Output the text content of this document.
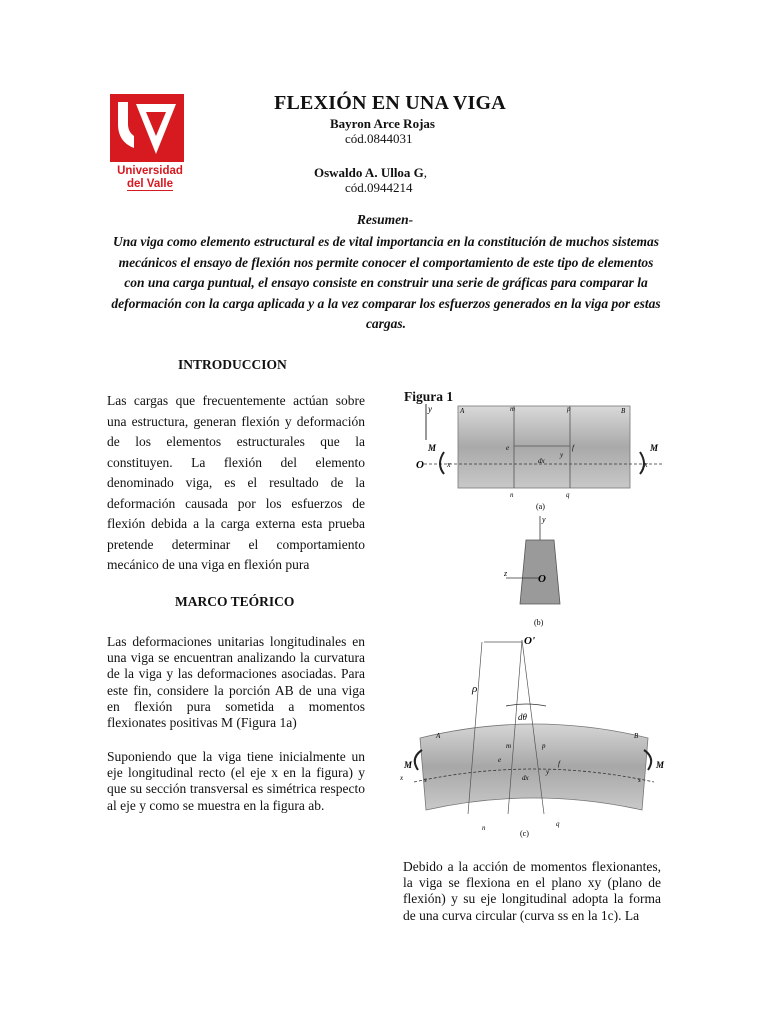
Universidad
del Valle
FLEXIÓN EN UNA VIGA
Bayron Arce Rojas
cód.0844031
Oswaldo A. Ulloa G,
cód.0944214
Resumen-
Una viga como elemento estructural es de vital importancia en la constitución de muchos sistemas mecánicos el ensayo de flexión nos permite conocer el comportamiento de este tipo de elementos con una carga puntual, el ensayo consiste en construir una serie de gráficas para comparar la deformación con la carga aplicada y a la vez comparar los esfuerzos generados en la viga por estas cargas.
INTRODUCCION
Las cargas que frecuentemente actúan sobre una estructura, generan flexión y deformación de los elementos estructurales que la constituyen. La flexión del elemento denominado viga, es el resultado de la deformación causada por los esfuerzos de flexión debida a la carga externa esta prueba pretende determinar el comportamiento mecánico de una viga en flexión pura
MARCO TEÓRICO
Las deformaciones unitarias longitudinales en una viga se encuentran analizando la curvatura de la viga y las deformaciones asociadas. Para este fin, considere la porción AB de una viga en flexión pura sometida a momentos flexionates positivas M (Figura 1a)
Suponiendo que la viga tiene inicialmente un eje longitudinal recto (el eje x en la figura) y que su sección transversal es simétrica respecto al eje y como se muestra en la figura ab.
Figura 1
y
O
M	M
x	x
A	B
m	p
e	f
dx
y
n	q
(a)
y
z	O
(b)
O'
ρ
dθ
A	B
m	p
e	f
dx
y
M	M
x	s	s
n	q
(c)
Debido a la acción de momentos flexionantes, la viga se flexiona en el plano xy (plano de flexión) y su eje longitudinal adopta la forma de una curva circular (curva ss en la 1c). La
